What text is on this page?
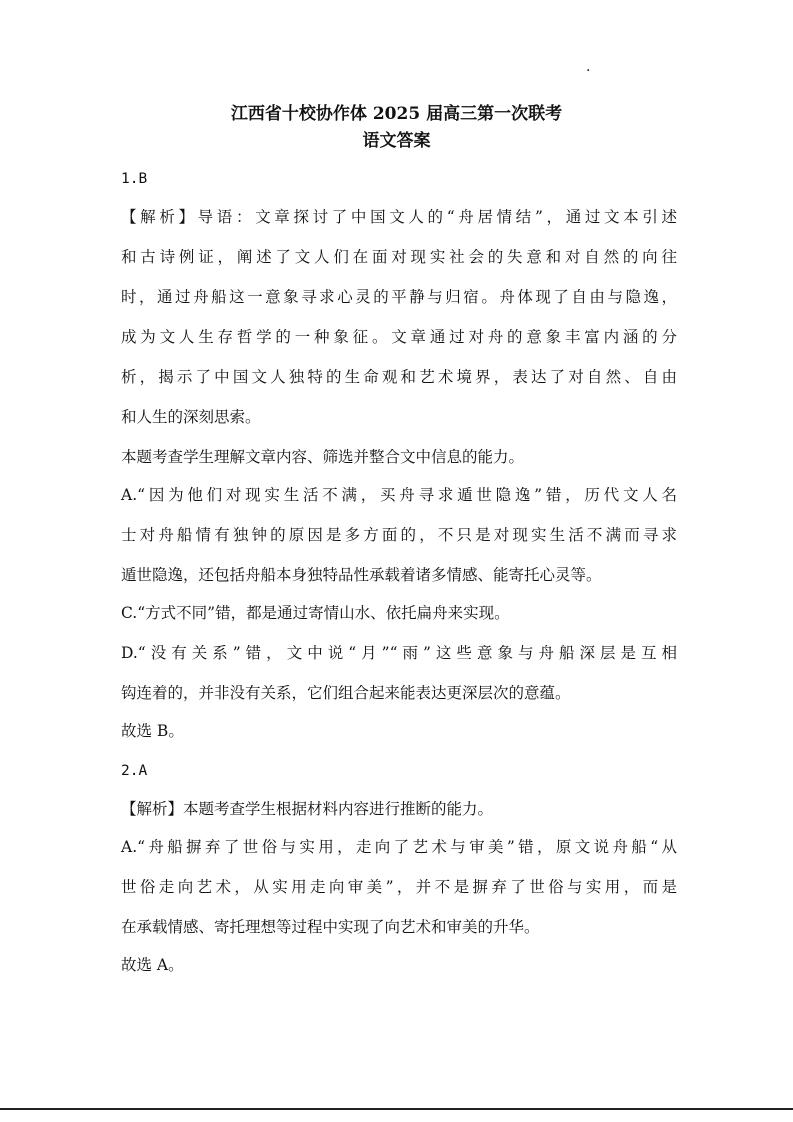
.
江西省十校协作体 2025 届高三第一次联考
语文答案
1.B
【解析】导语：文章探讨了中国文人的“舟居情结”，通过文本引述
和古诗例证，阐述了文人们在面对现实社会的失意和对自然的向往
时，通过舟船这一意象寻求心灵的平静与归宿。舟体现了自由与隐逸，
成为文人生存哲学的一种象征。文章通过对舟的意象丰富内涵的分
析，揭示了中国文人独特的生命观和艺术境界，表达了对自然、自由
和人生的深刻思索。
本题考查学生理解文章内容、筛选并整合文中信息的能力。
A.“因为他们对现实生活不满，买舟寻求遁世隐逸”错，历代文人名
士对舟船情有独钟的原因是多方面的，不只是对现实生活不满而寻求
遁世隐逸，还包括舟船本身独特品性承载着诸多情感、能寄托心灵等。
C.“方式不同”错，都是通过寄情山水、依托扁舟来实现。
D.“没有关系”错，文中说“月”“雨”这些意象与舟船深层是互相
钩连着的，并非没有关系，它们组合起来能表达更深层次的意蕴。
故选 B。
2.A
【解析】本题考查学生根据材料内容进行推断的能力。
A.“舟船摒弃了世俗与实用，走向了艺术与审美”错，原文说舟船“从
世俗走向艺术，从实用走向审美”，并不是摒弃了世俗与实用，而是
在承载情感、寄托理想等过程中实现了向艺术和审美的升华。
故选 A。
